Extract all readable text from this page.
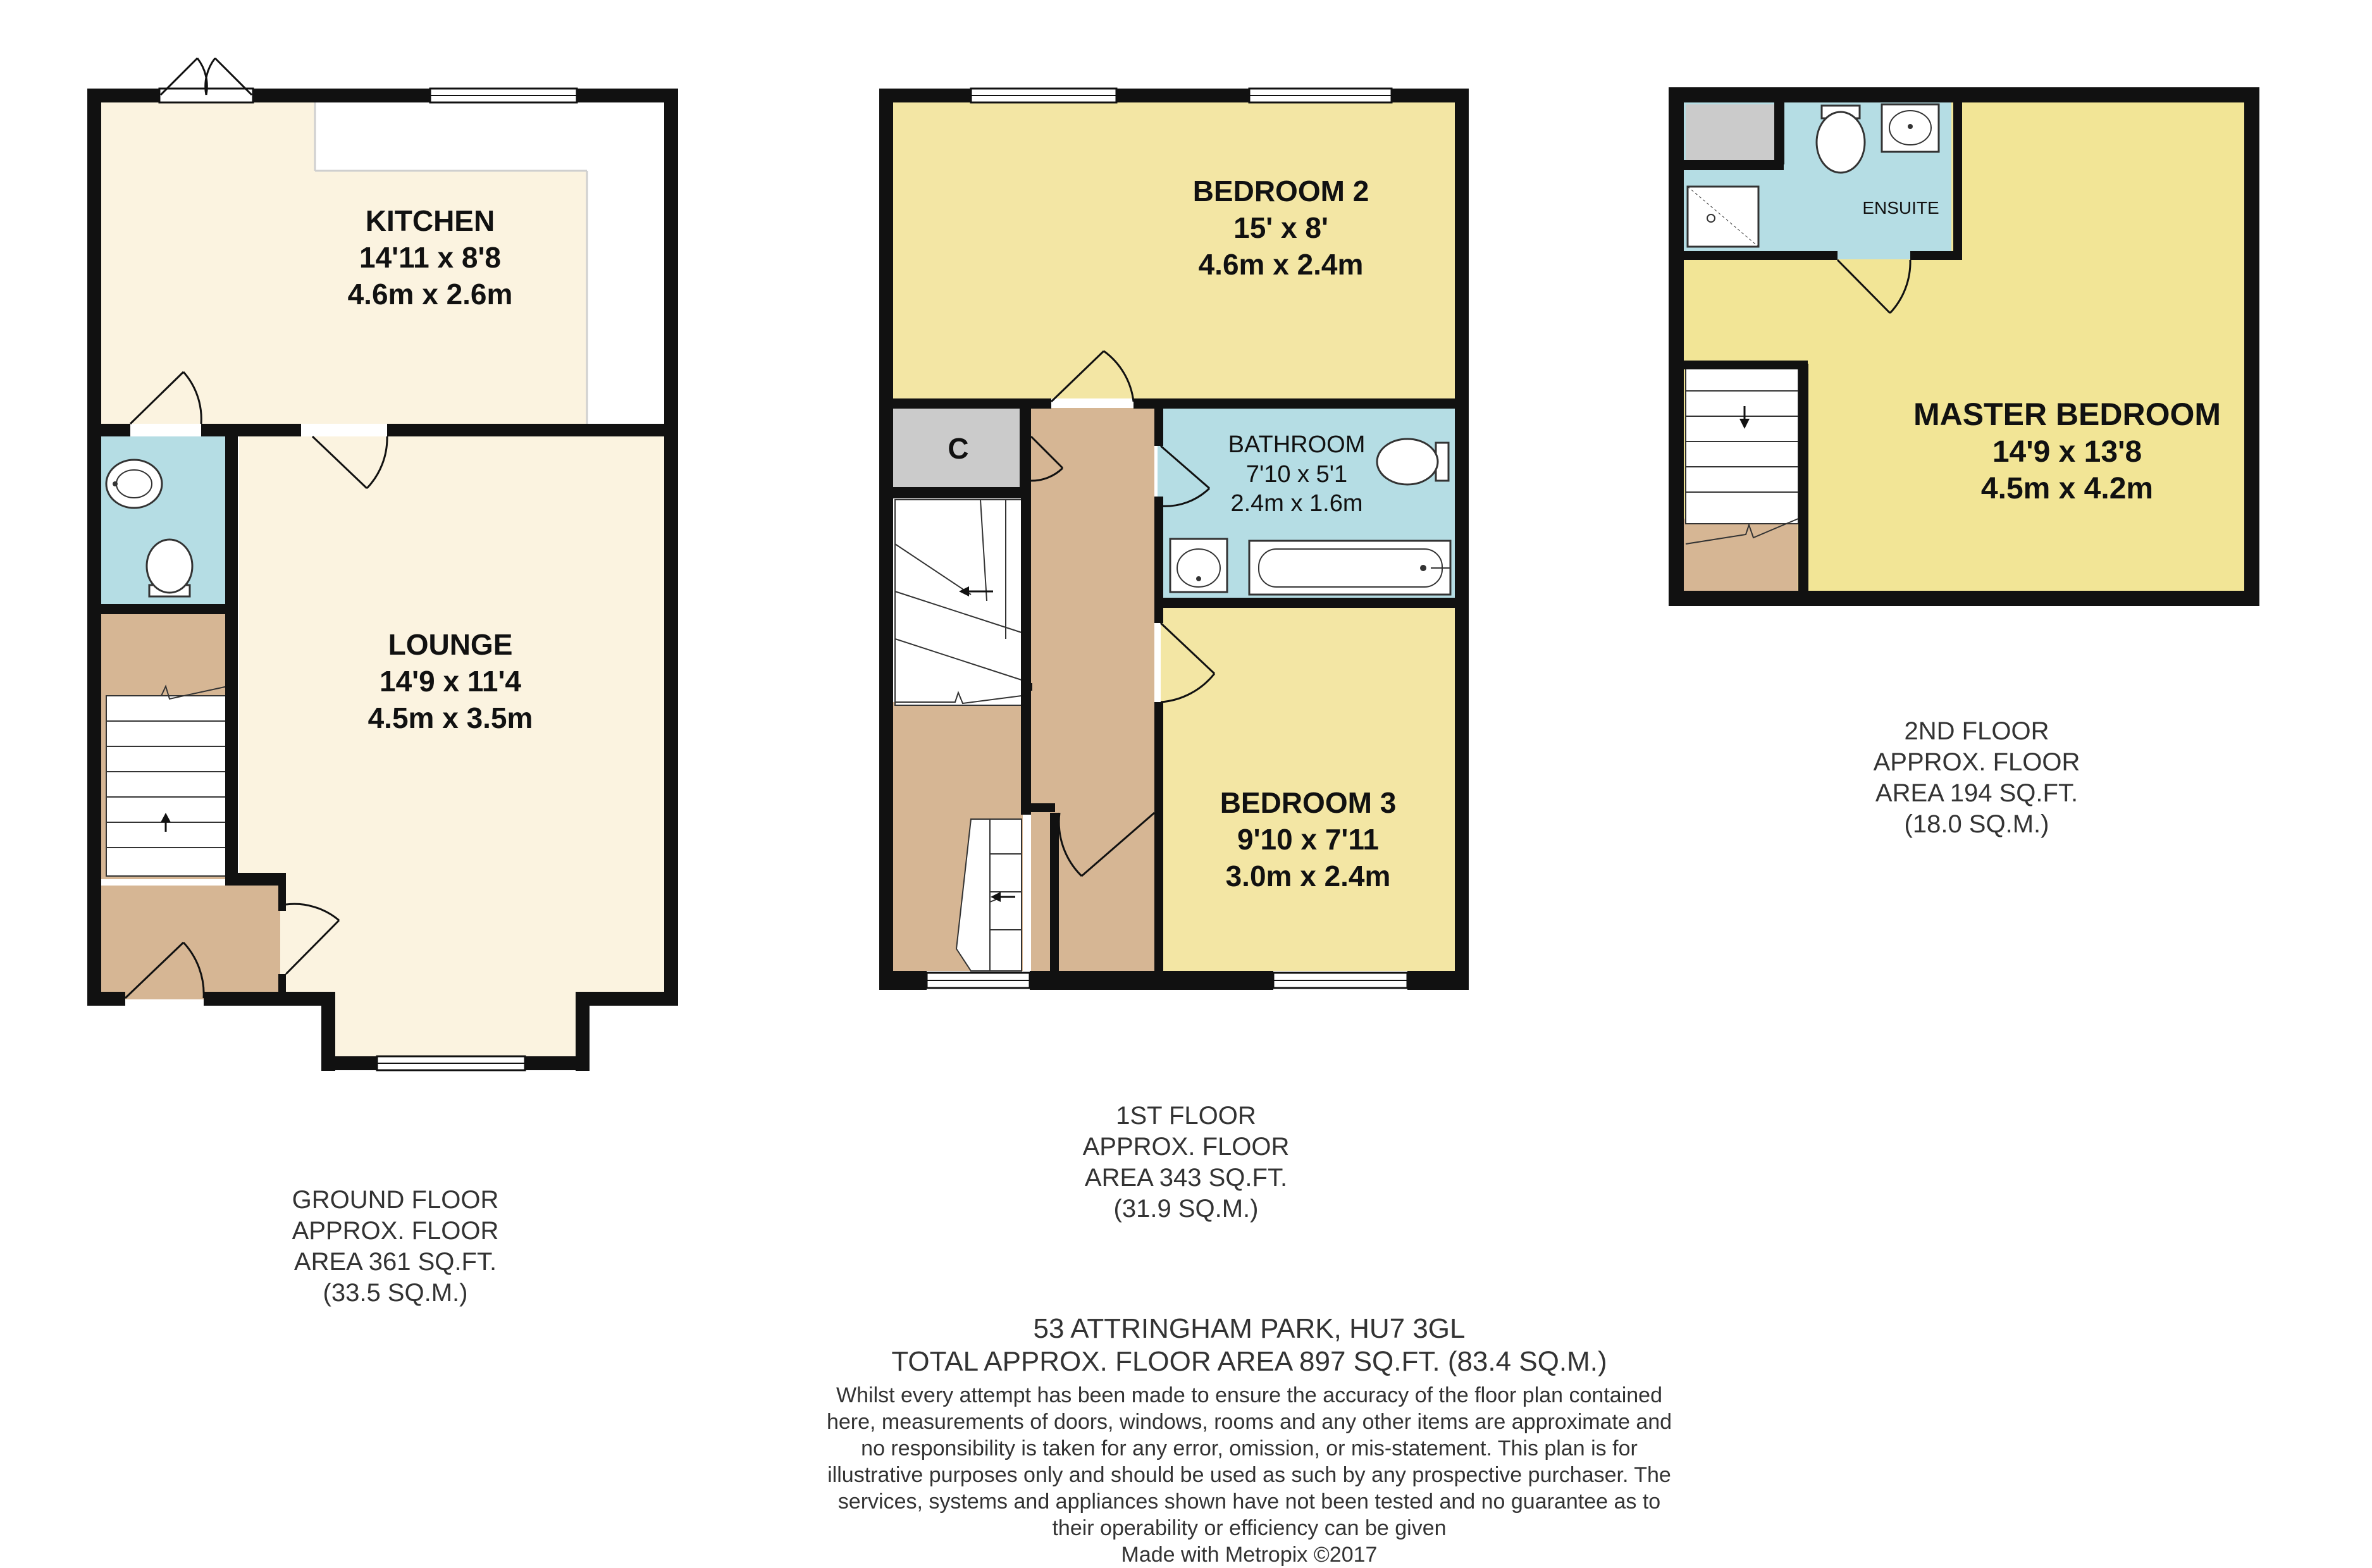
KITCHEN
14'11 x 8'8
4.6m x 2.6m
LOUNGE
14'9 x 11'4
4.5m x 3.5m
BEDROOM 2
15' x 8'
4.6m x 2.4m
BATHROOM
7'10 x 5'1
2.4m x 1.6m
BEDROOM 3
9'10 x 7'11
3.0m x 2.4m
C
ENSUITE
MASTER BEDROOM
14'9 x 13'8
4.5m x 4.2m
GROUND FLOOR
APPROX. FLOOR
AREA 361 SQ.FT.
(33.5 SQ.M.)
1ST FLOOR
APPROX. FLOOR
AREA 343 SQ.FT.
(31.9 SQ.M.)
2ND FLOOR
APPROX. FLOOR
AREA 194 SQ.FT.
(18.0 SQ.M.)
53 ATTRINGHAM PARK, HU7 3GL
TOTAL APPROX. FLOOR AREA 897 SQ.FT. (83.4 SQ.M.)
Whilst every attempt has been made to ensure the accuracy of the floor plan contained here, measurements of doors, windows, rooms and any other items are approximate and no responsibility is taken for any error, omission, or mis-statement. This plan is for illustrative purposes only and should be used as such by any prospective purchaser. The services, systems and appliances shown have not been tested and no guarantee as to their operability or efficiency can be given
Made with Metropix ©2017
